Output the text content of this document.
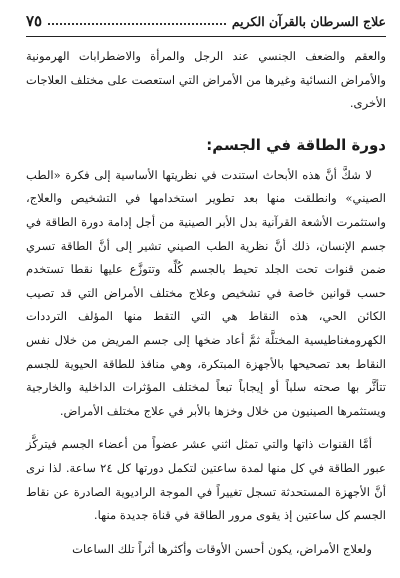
علاج السرطان بالقرآن الكريم
٧٥

والعقم والضعف الجنسي عند الرجل والمرأة والاضطرابات الهرمونية والأمراض النسائية وغيرها من الأمراض التي استعصت على مختلف العلاجات الأخرى.

دورة الطاقة في الجسم:

لا شكَّ أنَّ هذه الأبحاث استندت في نظريتها الأساسية إلى فكرة «الطب الصيني» وانطلقت منها بعد تطوير استخدامها في التشخيص والعلاج، واستثمرت الأشعة القرآنية بدل الأبر الصينية من أجل إدامة دورة الطاقة في جسم الإنسان، ذلك أنَّ نظرية الطب الصيني تشير إلى أنَّ الطاقة تسري ضمن قنوات تحت الجلد تحيط بالجسم كُلِّه وتتوزَّع عليها نقطا تستخدم حسب قوانين خاصة في تشخيص وعلاج مختلف الأمراض التي قد تصيب الكائن الحي، هذه النقاط هي التي التقط منها المؤلف الترددات الكهرومغناطيسية المختلَّة ثمَّ أعاد ضخها إلى جسم المريض من خلال نفس النقاط بعد تصحيحها بالأجهزة المبتكرة، وهي منافذ للطاقة الحيوية للجسم تتأثَّر بها صحته سلباً أو إيجاباً تبعاً لمختلف المؤثرات الداخلية والخارجية ويستثمرها الصينيون من خلال وخزها بالأبر في علاج مختلف الأمراض.

أمَّا القنوات ذاتها والتي تمثل اثني عشر عضواً من أعضاء الجسم فيتركَّز عبور الطاقة في كل منها لمدة ساعتين لتكمل دورتها كل ٢٤ ساعة. لذا نرى أنَّ الأجهزة المستحدثة تسجل تغييراً في الموجة الراديوية الصادرة عن نقاط الجسم كل ساعتين إذ يقوى مرور الطاقة في قناة جديدة منها.

ولعلاج الأمراض، يكون أحسن الأوقات وأكثرها أثراً تلك الساعات
